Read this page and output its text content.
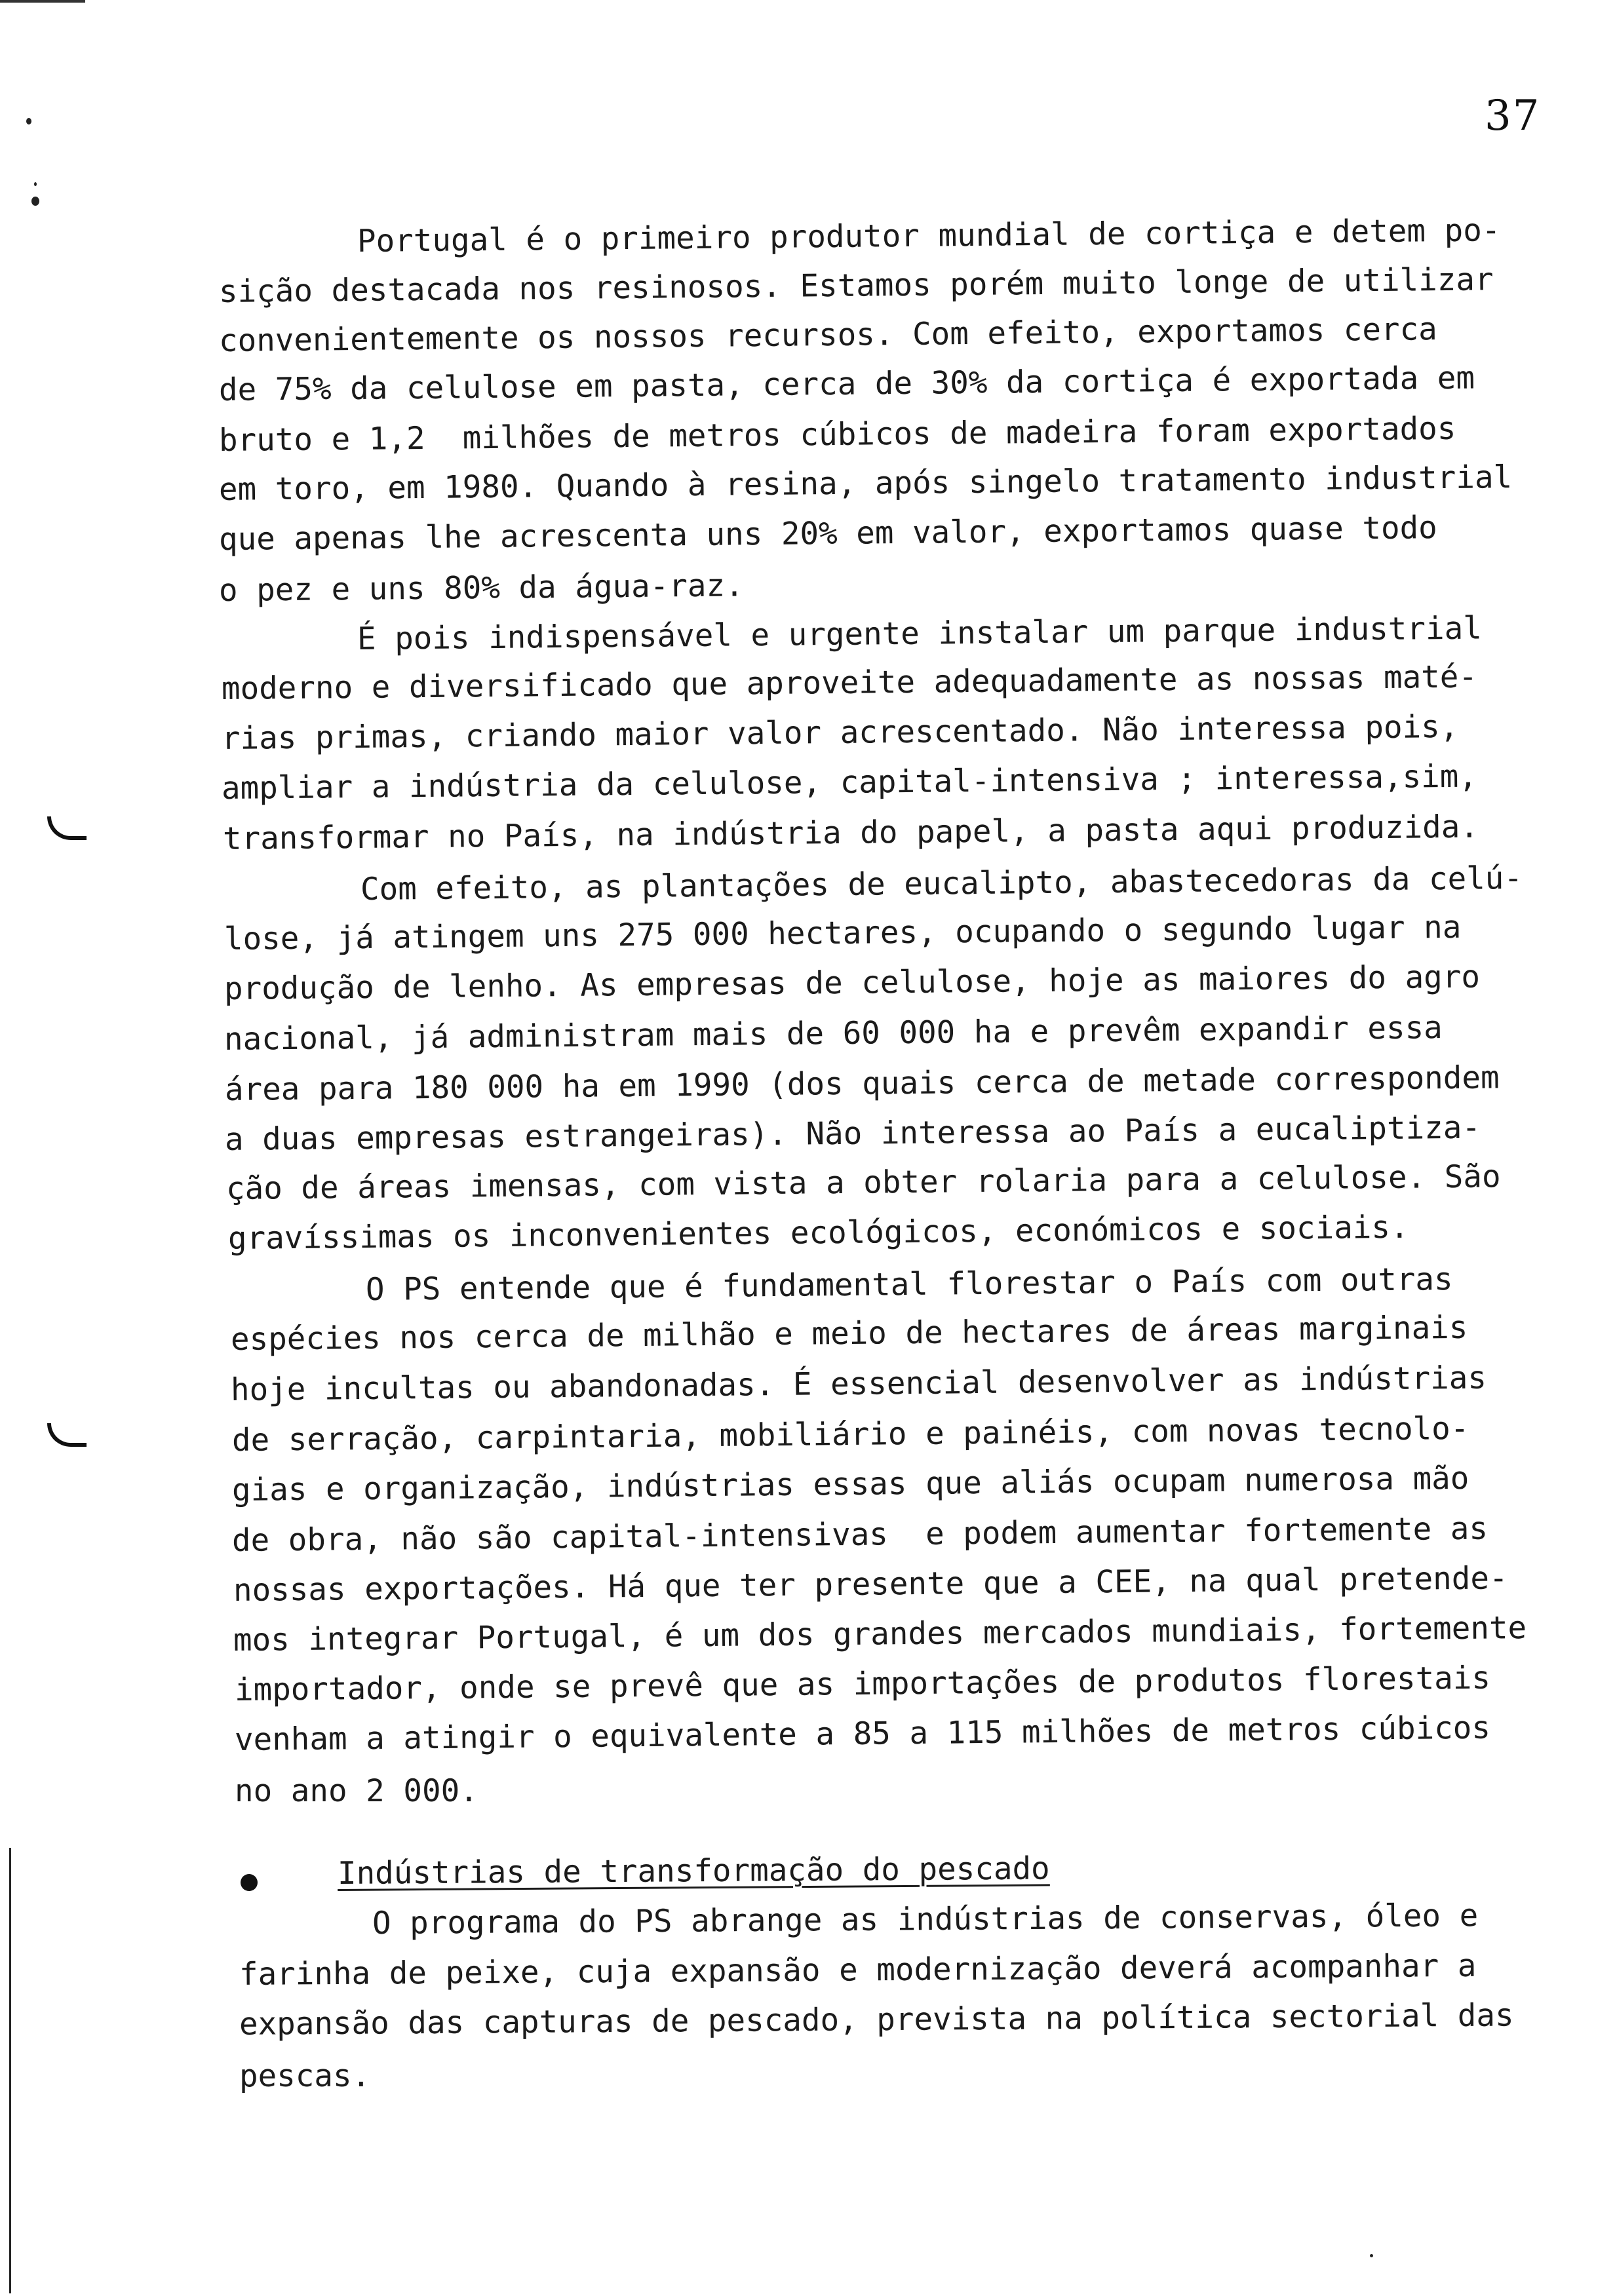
37
Portugal é o primeiro produtor mundial de cortiça e detem po-
sição destacada nos resinosos. Estamos porém muito longe de utilizar
convenientemente os nossos recursos. Com efeito, exportamos cerca
de 75% da celulose em pasta, cerca de 30% da cortiça é exportada em
bruto e 1,2  milhões de metros cúbicos de madeira foram exportados
em toro, em 1980. Quando à resina, após singelo tratamento industrial
que apenas lhe acrescenta uns 20% em valor, exportamos quase todo
o pez e uns 80% da água-raz.
É pois indispensável e urgente instalar um parque industrial
moderno e diversificado que aproveite adequadamente as nossas maté-
rias primas, criando maior valor acrescentado. Não interessa pois,
ampliar a indústria da celulose, capital-intensiva ; interessa,sim,
transformar no País, na indústria do papel, a pasta aqui produzida.
Com efeito, as plantações de eucalipto, abastecedoras da celú-
lose, já atingem uns 275 000 hectares, ocupando o segundo lugar na
produção de lenho. As empresas de celulose, hoje as maiores do agro
nacional, já administram mais de 60 000 ha e prevêm expandir essa
área para 180 000 ha em 1990 (dos quais cerca de metade correspondem
a duas empresas estrangeiras). Não interessa ao País a eucaliptiza-
ção de áreas imensas, com vista a obter rolaria para a celulose. São
gravíssimas os inconvenientes ecológicos, económicos e sociais.
O PS entende que é fundamental florestar o País com outras
espécies nos cerca de milhão e meio de hectares de áreas marginais
hoje incultas ou abandonadas. É essencial desenvolver as indústrias
de serração, carpintaria, mobiliário e painéis, com novas tecnolo-
gias e organização, indústrias essas que aliás ocupam numerosa mão
de obra, não são capital-intensivas  e podem aumentar fortemente as
nossas exportações. Há que ter presente que a CEE, na qual pretende-
mos integrar Portugal, é um dos grandes mercados mundiais, fortemente
importador, onde se prevê que as importações de produtos florestais
venham a atingir o equivalente a 85 a 115 milhões de metros cúbicos
no ano 2 000.
Indústrias de transformação do pescado
O programa do PS abrange as indústrias de conservas, óleo e
farinha de peixe, cuja expansão e modernização deverá acompanhar a
expansão das capturas de pescado, prevista na política sectorial das
pescas.
